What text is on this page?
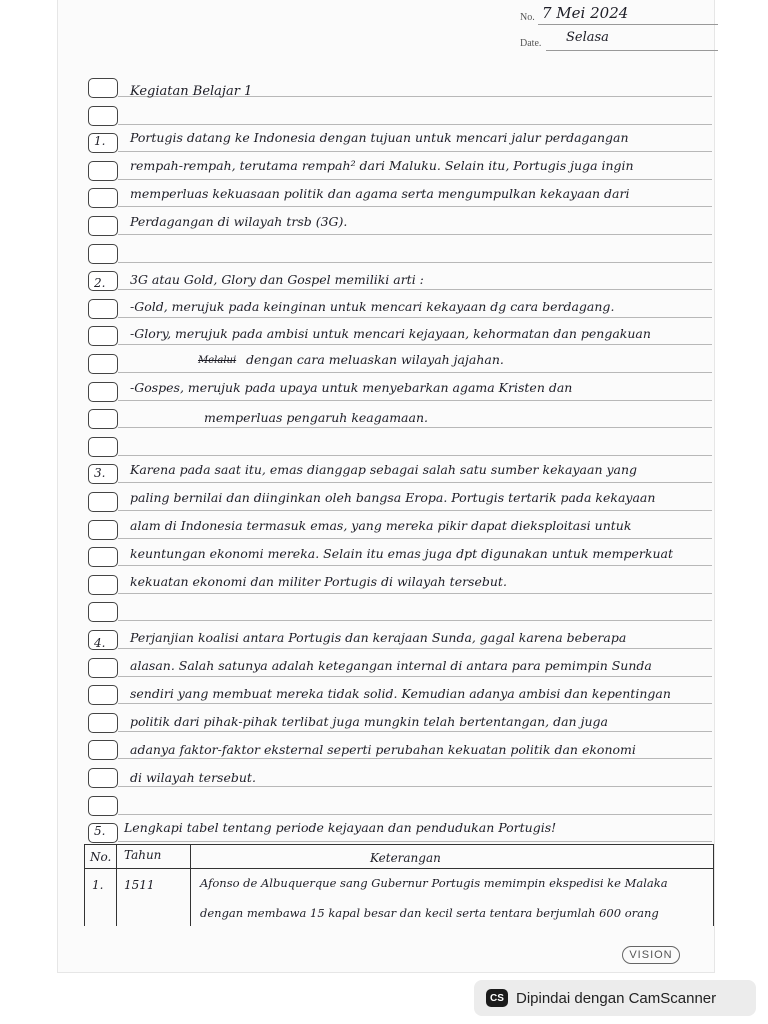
No. 7 Mei 2024
Date. Selasa
Kegiatan Belajar 1
1. Portugis datang ke Indonesia dengan tujuan untuk mencari jalur perdagangan
rempah-rempah, terutama rempah² dari Maluku. Selain itu, Portugis juga ingin
memperluas kekuasaan politik dan agama serta mengumpulkan kekayaan dari
Perdagangan di wilayah trsb (3G).
2. 3G atau Gold, Glory dan Gospel memiliki arti :
-Gold, merujuk pada keinginan untuk mencari kekayaan dg cara berdagang.
-Glory, merujuk pada ambisi untuk mencari kejayaan, kehormatan dan pengakuan
Melalui dengan cara meluaskan wilayah jajahan.
-Gospes, merujuk pada upaya untuk menyebarkan agama Kristen dan
memperluas pengaruh keagamaan.
3. Karena pada saat itu, emas dianggap sebagai salah satu sumber kekayaan yang
paling bernilai dan diinginkan oleh bangsa Eropa. Portugis tertarik pada kekayaan
alam di Indonesia termasuk emas, yang mereka pikir dapat dieksploitasi untuk
keuntungan ekonomi mereka. Selain itu emas juga dpt digunakan untuk memperkuat
kekuatan ekonomi dan militer Portugis di wilayah tersebut.
4. Perjanjian koalisi antara Portugis dan kerajaan Sunda, gagal karena beberapa
alasan. Salah satunya adalah ketegangan internal di antara para pemimpin Sunda
sendiri yang membuat mereka tidak solid. Kemudian adanya ambisi dan kepentingan
politik dari pihak-pihak terlibat juga mungkin telah bertentangan, dan juga
adanya faktor-faktor eksternal seperti perubahan kekuatan politik dan ekonomi
di wilayah tersebut.
5. Lengkapi tabel tentang periode kejayaan dan pendudukan Portugis!
No. Tahun	Keterangan
1. 1511	Afonso de Albuquerque sang Gubernur Portugis memimpin ekspedisi ke Malaka
dengan membawa 15 kapal besar dan kecil serta tentara berjumlah 600 orang
VISION
CS Dipindai dengan CamScanner
